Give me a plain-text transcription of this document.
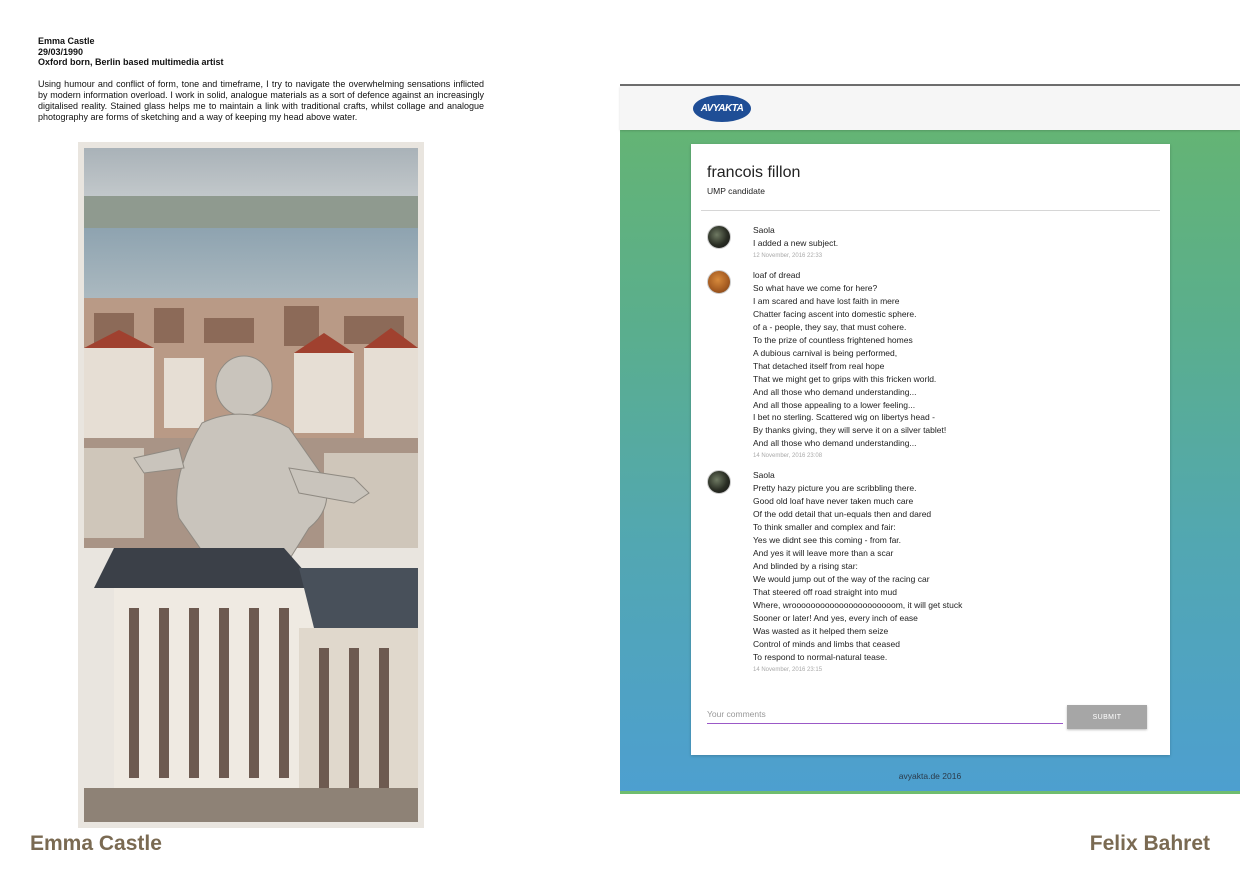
Emma Castle
29/03/1990
Oxford born, Berlin based multimedia artist

Using humour and conflict of form, tone and timeframe, I try to navigate the overwhelming sensations inflicted by modern information overload. I work in solid, analogue materials as a sort of defence against an increasingly digitalised reality. Stained glass helps me to maintain a link with traditional crafts, whilst collage and analogue photography are forms of sketching and a way of keeping my head above water.

Emma Castle	Felix Bahret
AVYAKTA
francois fillon
UMP candidate
Saola
I added a new subject.
12 November, 2016 22:33
loaf of dread
So what have we come for here?
I am scared and have lost faith in mere
Chatter facing ascent into domestic sphere.
of a - people, they say, that must cohere.
To the prize of countless frightened homes
A dubious carnival is being performed,
That detached itself from real hope
That we might get to grips with this fricken world.
And all those who demand understanding...
And all those appealing to a lower feeling...
I bet no sterling. Scattered wig on libertys head -
By thanks giving, they will serve it on a silver tablet!
And all those who demand understanding...
14 November, 2016 23:08
Saola
Pretty hazy picture you are scribbling there.
Good old loaf have never taken much care
Of the odd detail that un-equals then and dared
To think smaller and complex and fair:
Yes we didnt see this coming - from far.
And yes it will leave more than a scar
And blinded by a rising star:
We would jump out of the way of the racing car
That steered off road straight into mud
Where, wroooooooooooooooooooooom, it will get stuck
Sooner or later! And yes, every inch of ease
Was wasted as it helped them seize
Control of minds and limbs that ceased
To respond to normal-natural tease.
14 November, 2016 23:15
Your comments
SUBMIT
avyakta.de 2016
